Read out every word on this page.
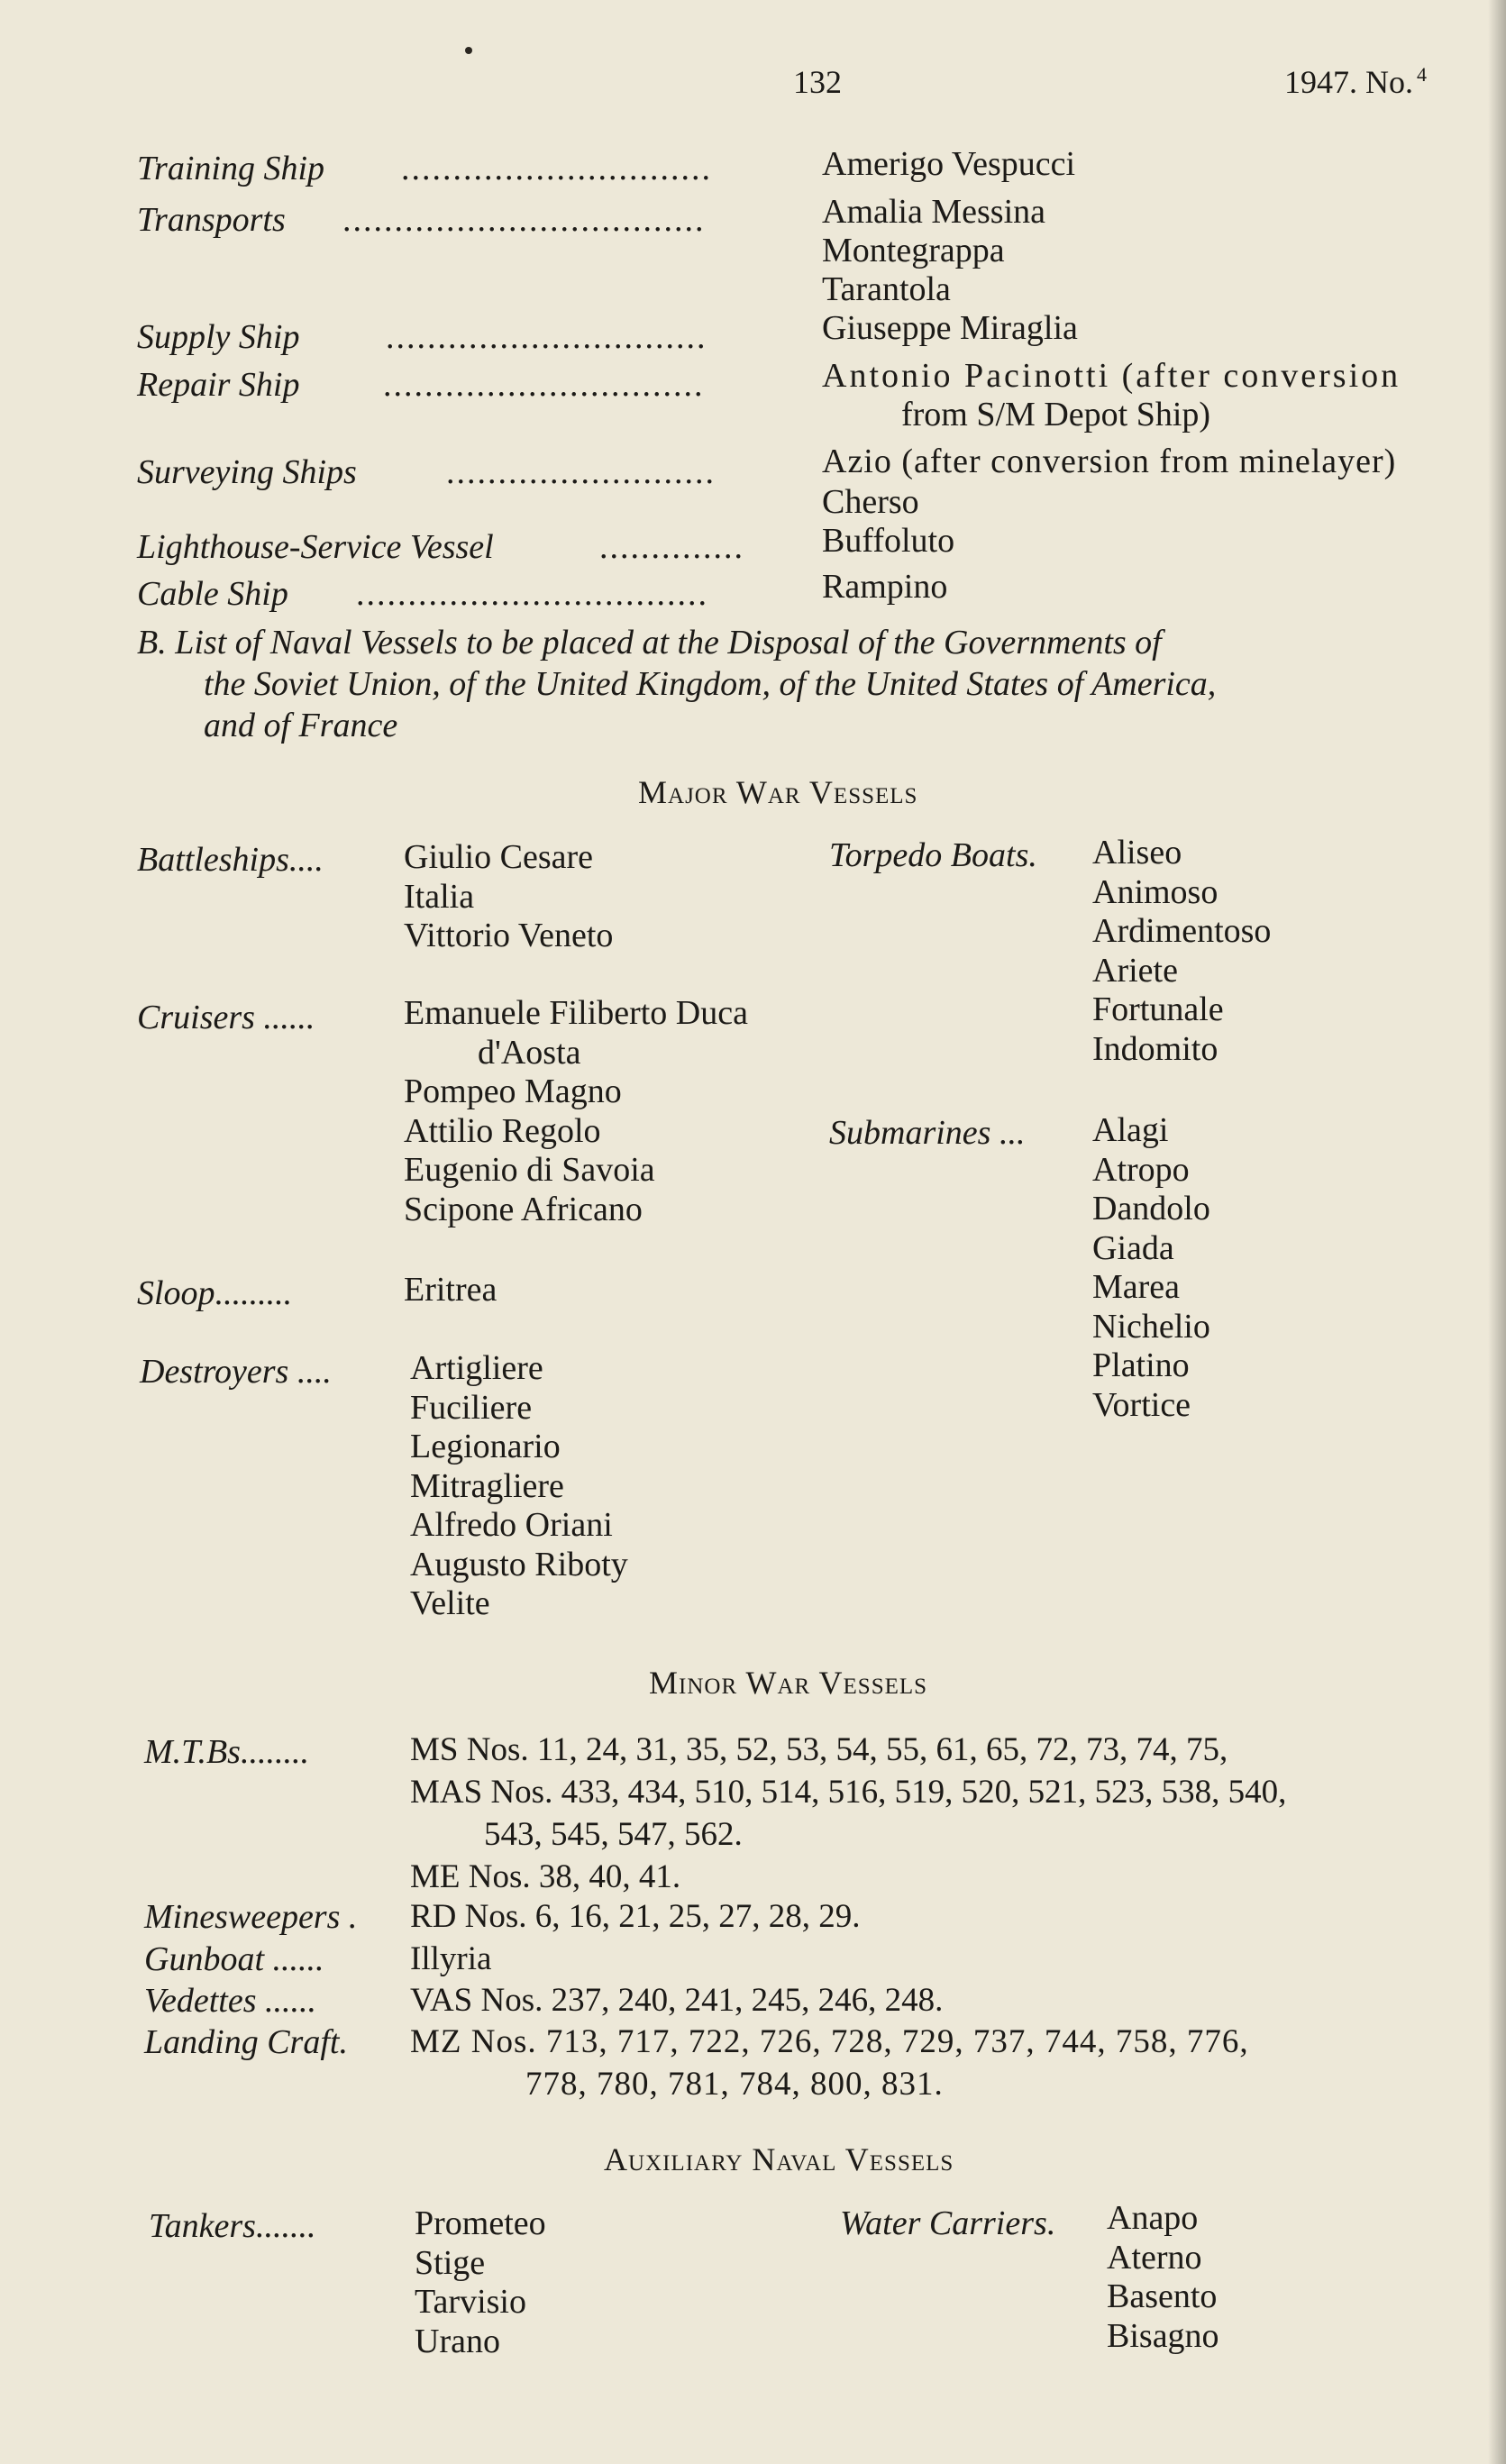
132	1947. No. $^4$
Training Ship ..............................	Amerigo Vespucci
Transports ...................................	Amalia Messina
Montegrappa
Tarantola
Supply Ship	...............................	Giuseppe Miraglia
Repair Ship ...............................	Antonio Pacinotti (after conversion
from S/M Depot Ship)
Surveying Ships	..........................	Azio (after conversion from minelayer)
Cherso
Lighthouse-Service Vessel	.............. Buffoluto
Cable Ship ..................................	Rampino
B. List of Naval Vessels to be placed at the Disposal of the Governments of
the Soviet Union, of the United Kingdom, of the United States of America,
and of France
Major War Vessels
Battleships.... Giulio Cesare
Italia
Vittorio Veneto
Cruisers ......	Emanuele Filiberto Duca
d'Aosta
Pompeo Magno
Attilio Regolo
Eugenio di Savoia
Scipone Africano
Sloop.........	Eritrea
Destroyers .... Artigliere
Fuciliere
Legionario
Mitragliere
Alfredo Oriani
Augusto Riboty
Velite
Torpedo Boats. Aliseo
Animoso
Ardimentoso
Ariete
Fortunale
Indomito
Submarines ... Alagi
Atropo
Dandolo
Giada
Marea
Nichelio
Platino
Vortice
Minor War Vessels
M.T.Bs........	MS Nos. 11, 24, 31, 35, 52, 53, 54, 55, 61, 65, 72, 73, 74, 75,
MAS Nos. 433, 434, 510, 514, 516, 519, 520, 521, 523, 538, 540,
543, 545, 547, 562.
ME Nos. 38, 40, 41.
Minesweepers . RD Nos. 6, 16, 21, 25, 27, 28, 29.
Gunboat ......	Illyria
Vedettes ......	VAS Nos. 237, 240, 241, 245, 246, 248.
Landing Craft. MZ Nos. 713, 717, 722, 726, 728, 729, 737, 744, 758, 776,
778, 780, 781, 784, 800, 831.
Auxiliary Naval Vessels
Tankers.......	Prometeo
Stige
Tarvisio
Urano
Water Carriers. Anapo
Aterno
Basento
Bisagno
